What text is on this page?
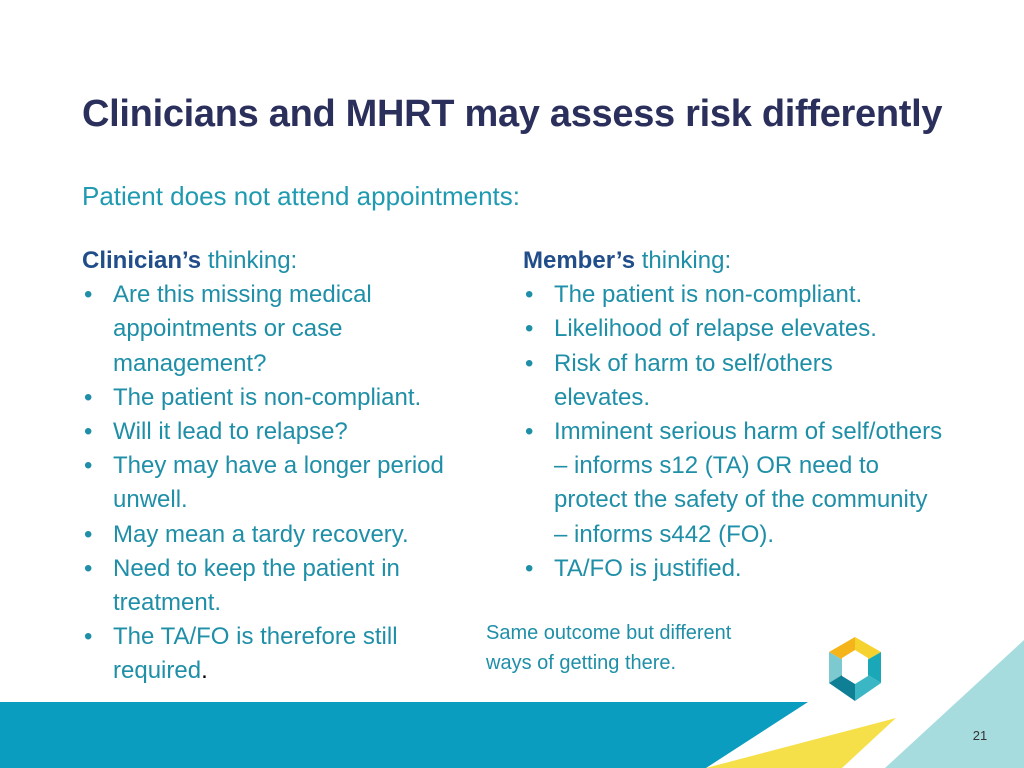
Clinicians and MHRT may assess risk differently

Patient does not attend appointments:

Clinician’s thinking:

• Are this missing medical appointments or case management?
• The patient is non-compliant.
• Will it lead to relapse?
• They may have a longer period unwell.
• May mean a tardy recovery.
• Need to keep the patient in treatment.
• The TA/FO is therefore still required.

Member’s thinking:

• The patient is non-compliant.
• Likelihood of relapse elevates.
• Risk of harm to self/others elevates.
• Imminent serious harm of self/others – informs s12 (TA) OR need to protect the safety of the community – informs s442 (FO).
• TA/FO is justified.

Same outcome but different
ways of getting there.

21
